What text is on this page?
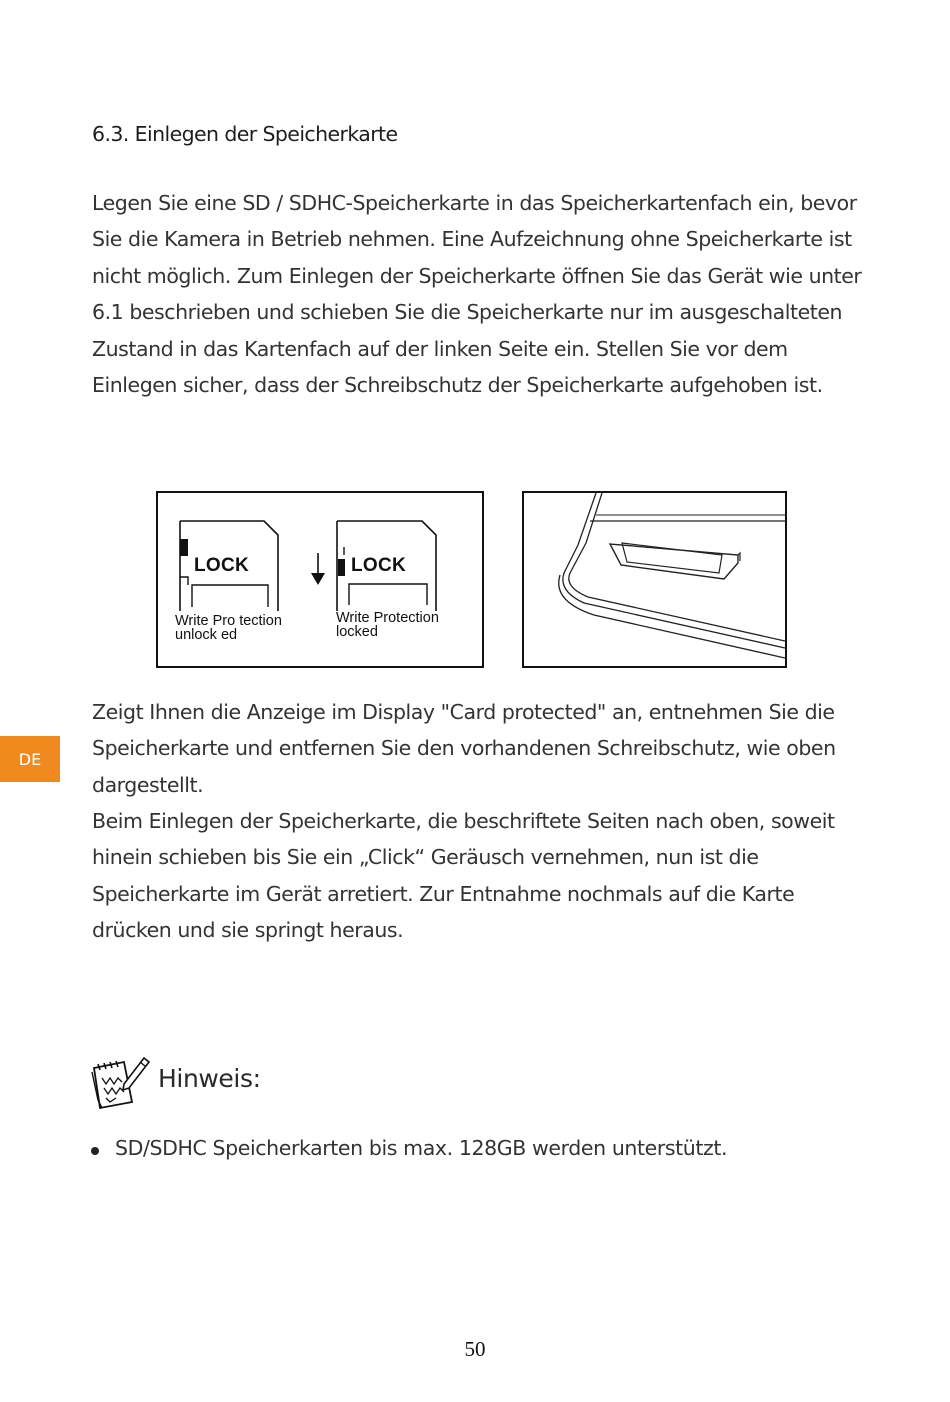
6.3. Einlegen der Speicherkarte

Legen Sie eine SD / SDHC-Speicherkarte in das Speicherkartenfach ein, bevor
Sie die Kamera in Betrieb nehmen. Eine Aufzeichnung ohne Speicherkarte ist
nicht möglich. Zum Einlegen der Speicherkarte öffnen Sie das Gerät wie unter
6.1 beschrieben und schieben Sie die Speicherkarte nur im ausgeschalteten
Zustand in das Kartenfach auf der linken Seite ein. Stellen Sie vor dem
Einlegen sicher, dass der Schreibschutz der Speicherkarte aufgehoben ist.

LOCK	LOCK
Write Pro tection
unlock ed
Write Protection
locked

Zeigt Ihnen die Anzeige im Display "Card protected" an, entnehmen Sie die
Speicherkarte und entfernen Sie den vorhandenen Schreibschutz, wie oben
dargestellt.

Beim Einlegen der Speicherkarte, die beschriftete Seiten nach oben, soweit
hinein schieben bis Sie ein „Click“ Geräusch vernehmen, nun ist die
Speicherkarte im Gerät arretiert. Zur Entnahme nochmals auf die Karte
drücken und sie springt heraus.

DE
Hinweis:
SD/SDHC Speicherkarten bis max. 128GB werden unterstützt.
50
